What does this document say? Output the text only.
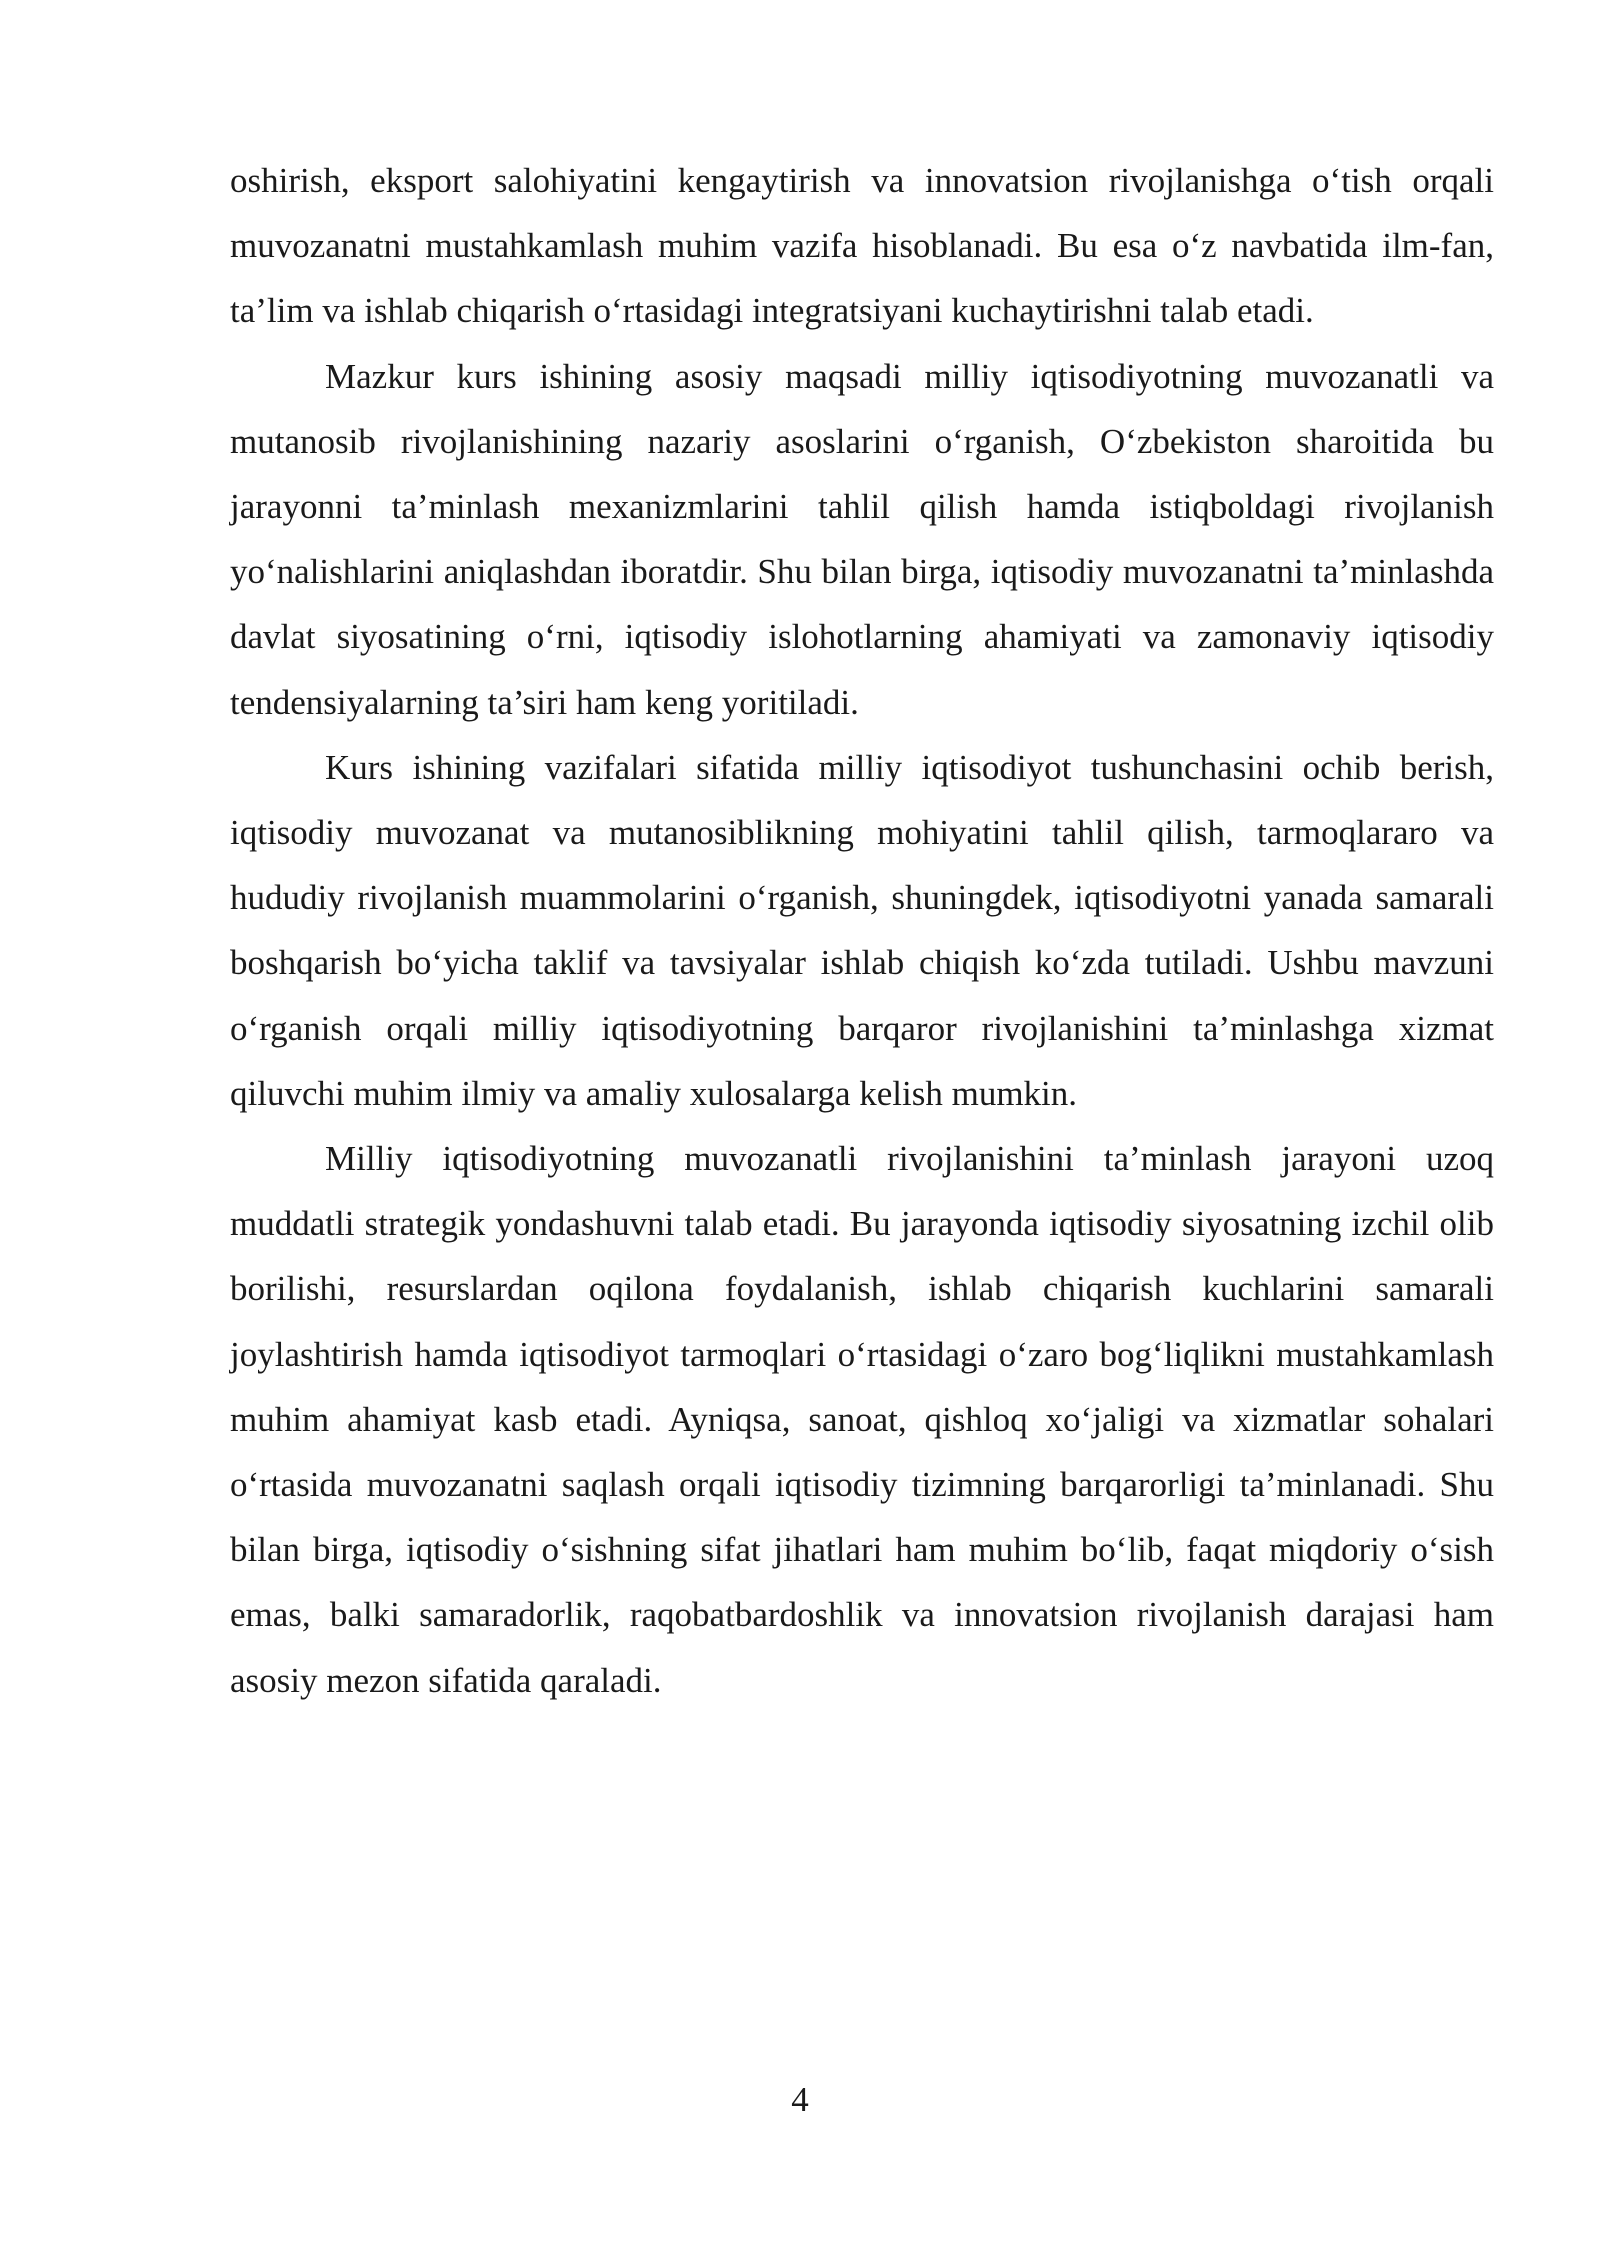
oshirish, eksport salohiyatini kengaytirish va innovatsion rivojlanishga o‘tish orqali muvozanatni mustahkamlash muhim vazifa hisoblanadi. Bu esa o‘z navbatida ilm-fan, ta’lim va ishlab chiqarish o‘rtasidagi integratsiyani kuchaytirishni talab etadi.

Mazkur kurs ishining asosiy maqsadi milliy iqtisodiyotning muvozanatli va mutanosib rivojlanishining nazariy asoslarini o‘rganish, O‘zbekiston sharoitida bu jarayonni ta’minlash mexanizmlarini tahlil qilish hamda istiqboldagi rivojlanish yo‘nalishlarini aniqlashdan iboratdir. Shu bilan birga, iqtisodiy muvozanatni ta’minlashda davlat siyosatining o‘rni, iqtisodiy islohotlarning ahamiyati va zamonaviy iqtisodiy tendensiyalarning ta’siri ham keng yoritiladi.

Kurs ishining vazifalari sifatida milliy iqtisodiyot tushunchasini ochib berish, iqtisodiy muvozanat va mutanosiblikning mohiyatini tahlil qilish, tarmoqlararo va hududiy rivojlanish muammolarini o‘rganish, shuningdek, iqtisodiyotni yanada samarali boshqarish bo‘yicha taklif va tavsiyalar ishlab chiqish ko‘zda tutiladi. Ushbu mavzuni o‘rganish orqali milliy iqtisodiyotning barqaror rivojlanishini ta’minlashga xizmat qiluvchi muhim ilmiy va amaliy xulosalarga kelish mumkin.

Milliy iqtisodiyotning muvozanatli rivojlanishini ta’minlash jarayoni uzoq muddatli strategik yondashuvni talab etadi. Bu jarayonda iqtisodiy siyosatning izchil olib borilishi, resurslardan oqilona foydalanish, ishlab chiqarish kuchlarini samarali joylashtirish hamda iqtisodiyot tarmoqlari o‘rtasidagi o‘zaro bog‘liqlikni mustahkamlash muhim ahamiyat kasb etadi. Ayniqsa, sanoat, qishloq xo‘jaligi va xizmatlar sohalari o‘rtasida muvozanatni saqlash orqali iqtisodiy tizimning barqarorligi ta’minlanadi. Shu bilan birga, iqtisodiy o‘sishning sifat jihatlari ham muhim bo‘lib, faqat miqdoriy o‘sish emas, balki samaradorlik, raqobatbardoshlik va innovatsion rivojlanish darajasi ham asosiy mezon sifatida qaraladi.

4
